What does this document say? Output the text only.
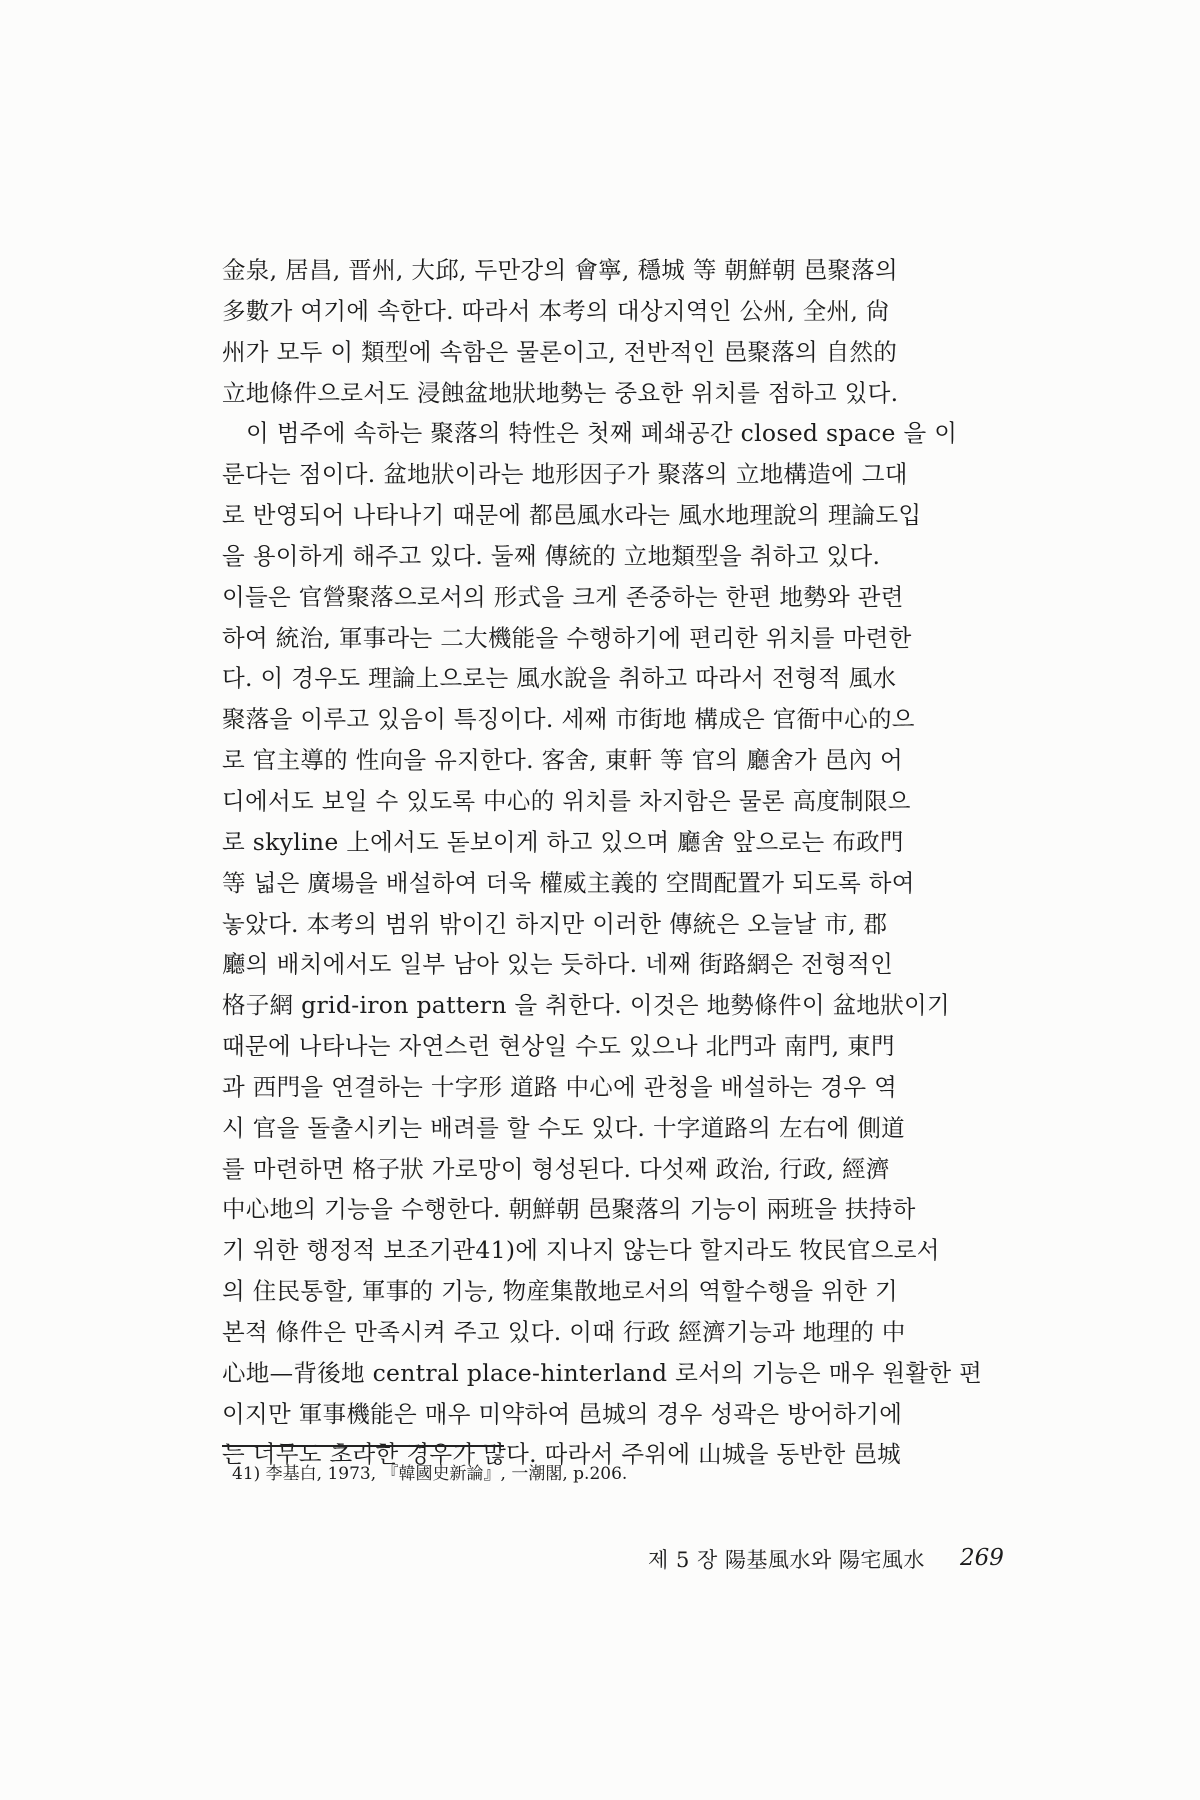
金泉, 居昌, 晋州, 大邱, 두만강의 會寧, 穩城 等 朝鮮朝 邑聚落의
多數가 여기에 속한다. 따라서 本考의 대상지역인 公州, 全州, 尙
州가 모두 이 類型에 속함은 물론이고, 전반적인 邑聚落의 自然的
立地條件으로서도 浸蝕盆地狀地勢는 중요한 위치를 점하고 있다.
이 범주에 속하는 聚落의 特性은 첫째 폐쇄공간 closed space 을 이
룬다는 점이다. 盆地狀이라는 地形因子가 聚落의 立地構造에 그대
로 반영되어 나타나기 때문에 都邑風水라는 風水地理說의 理論도입
을 용이하게 해주고 있다. 둘째 傳統的 立地類型을 취하고 있다.
이들은 官營聚落으로서의 形式을 크게 존중하는 한편 地勢와 관련
하여 統治, 軍事라는 二大機能을 수행하기에 편리한 위치를 마련한
다. 이 경우도 理論上으로는 風水說을 취하고 따라서 전형적 風水
聚落을 이루고 있음이 특징이다. 세째 市街地 構成은 官衙中心的으
로 官主導的 性向을 유지한다. 客舍, 東軒 等 官의 廳舍가 邑內 어
디에서도 보일 수 있도록 中心的 위치를 차지함은 물론 高度制限으
로 skyline 上에서도 돋보이게 하고 있으며 廳舍 앞으로는 布政門
等 넓은 廣場을 배설하여 더욱 權威主義的 空間配置가 되도록 하여
놓았다. 本考의 범위 밖이긴 하지만 이러한 傳統은 오늘날 市, 郡
廳의 배치에서도 일부 남아 있는 듯하다. 네째 街路網은 전형적인
格子網 grid-iron pattern 을 취한다. 이것은 地勢條件이 盆地狀이기
때문에 나타나는 자연스런 현상일 수도 있으나 北門과 南門, 東門
과 西門을 연결하는 十字形 道路 中心에 관청을 배설하는 경우 역
시 官을 돌출시키는 배려를 할 수도 있다. 十字道路의 左右에 側道
를 마련하면 格子狀 가로망이 형성된다. 다섯째 政治, 行政, 經濟
中心地의 기능을 수행한다. 朝鮮朝 邑聚落의 기능이 兩班을 扶持하
기 위한 행정적 보조기관41)에 지나지 않는다 할지라도 牧民官으로서
의 住民통할, 軍事的 기능, 物産集散地로서의 역할수행을 위한 기
본적 條件은 만족시켜 주고 있다. 이때 行政 經濟기능과 地理的 中
心地—背後地 central place-hinterland 로서의 기능은 매우 원활한 편
이지만 軍事機能은 매우 미약하여 邑城의 경우 성곽은 방어하기에
는 너무도 초라한 경우가 많다. 따라서 주위에 山城을 동반한 邑城
41) 李基白, 1973, 『韓國史新論』, 一潮閣, p.206.
제 5 장 陽基風水와 陽宅風水 269
